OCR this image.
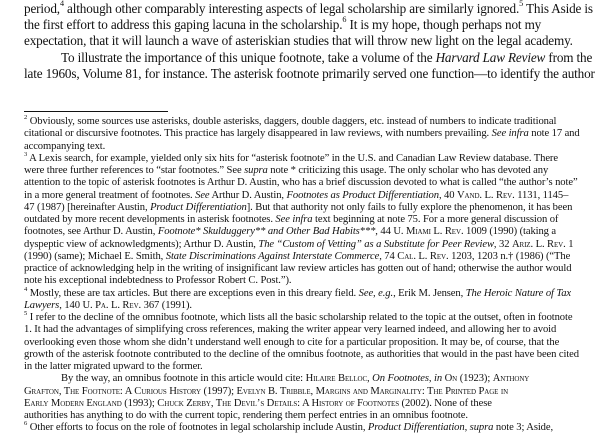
period,$^4$ although other comparably interesting aspects of legal scholarship are similarly ignored.$^5$ This Aside is
the first effort to address this gaping lacuna in the scholarship.$^6$ It is my hope, though perhaps not my
expectation, that it will launch a wave of asteriskian studies that will throw new light on the legal academy.
To illustrate the importance of this unique footnote, take a volume of the Harvard Law Review from the
late 1960s, Volume 81, for instance. The asterisk footnote primarily served one function—to identify the author
$^2$ Obviously, some sources use asterisks, double asterisks, daggers, double daggers, etc. instead of numbers to indicate traditional
citational or discursive footnotes. This practice has largely disappeared in law reviews, with numbers prevailing. See infra note 17 and
accompanying text.
$^3$ A Lexis search, for example, yielded only six hits for “asterisk footnote” in the U.S. and Canadian Law Review database. There
were three further references to “star footnotes.” See supra note * criticizing this usage. The only scholar who has devoted any
attention to the topic of asterisk footnotes is Arthur D. Austin, who has a brief discussion devoted to what is called “the author’s note”
in a more general treatment of footnotes. See Arthur D. Austin, Footnotes as Product Differentiation, 40 Vand. L. Rev. 1131, 1145–
47 (1987) [hereinafter Austin, Product Differentiation]. But that authority not only fails to fully explore the phenomenon, it has been
outdated by more recent developments in asterisk footnotes. See infra text beginning at note 75. For a more general discussion of
footnotes, see Arthur D. Austin, Footnote* Skulduggery** and Other Bad Habits***, 44 U. Miami L. Rev. 1009 (1990) (taking a
dyspeptic view of acknowledgments); Arthur D. Austin, The “Custom of Vetting” as a Substitute for Peer Review, 32 Ariz. L. Rev. 1
(1990) (same); Michael E. Smith, State Discriminations Against Interstate Commerce, 74 Cal. L. Rev. 1203, 1203 n.† (1986) (“The
practice of acknowledging help in the writing of insignificant law review articles has gotten out of hand; otherwise the author would
note his exceptional indebtedness to Professor Robert C. Post.”).
$^4$ Mostly, these are tax articles. But there are exceptions even in this dreary field. See, e.g., Erik M. Jensen, The Heroic Nature of Tax
Lawyers, 140 U. Pa. L. Rev. 367 (1991).
$^5$ I refer to the decline of the omnibus footnote, which lists all the basic scholarship related to the topic at the outset, often in footnote
1. It had the advantages of simplifying cross references, making the writer appear very learned indeed, and allowing her to avoid
overlooking even those whom she didn’t understand well enough to cite for a particular proposition. It may be, of course, that the
growth of the asterisk footnote contributed to the decline of the omnibus footnote, as authorities that would in the past have been cited
in the latter migrated upward to the former.
By the way, an omnibus footnote in this article would cite: Hilaire Belloc, On Footnotes, in On (1923); Anthony
Grafton, The Footnote: A Curious History (1997); Evelyn B. Tribble, Margins and Marginality: The Printed Page in
Early Modern England (1993); Chuck Zerby, The Devil’s Details: A History of Footnotes (2002). None of these
authorities has anything to do with the current topic, rendering them perfect entries in an omnibus footnote.
$^6$ Other efforts to focus on the role of footnotes in legal scholarship include Austin, Product Differentiation, supra note 3; Aside,
